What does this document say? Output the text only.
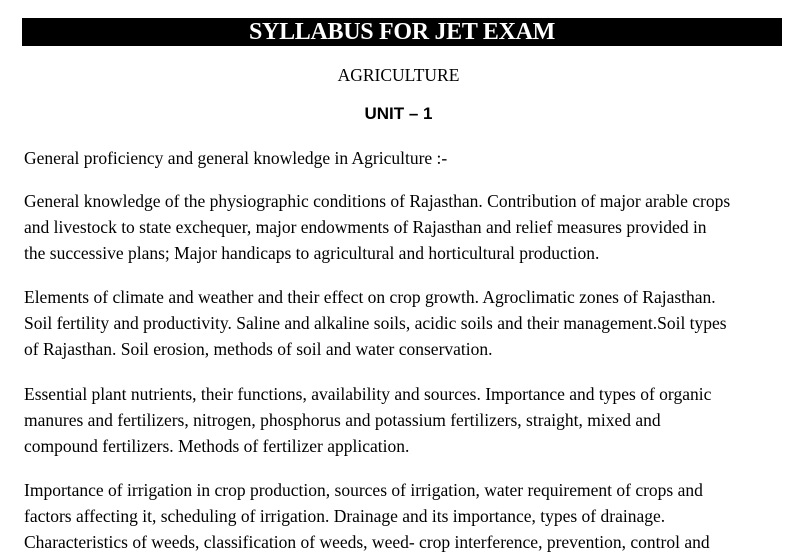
SYLLABUS FOR JET EXAM
AGRICULTURE
UNIT – 1
General proficiency and general knowledge in Agriculture :-
General knowledge of the physiographic conditions of Rajasthan. Contribution of major arable crops
and livestock to state exchequer, major endowments of Rajasthan and relief measures provided in
the successive plans; Major handicaps to agricultural and horticultural production.
Elements of climate and weather and their effect on crop growth. Agroclimatic zones of Rajasthan.
Soil fertility and productivity. Saline and alkaline soils, acidic soils and their management.Soil types
of Rajasthan. Soil erosion, methods of soil and water conservation.
Essential plant nutrients, their functions, availability and sources. Importance and types of organic
manures and fertilizers, nitrogen, phosphorus and potassium fertilizers, straight, mixed and
compound fertilizers. Methods of fertilizer application.
Importance of irrigation in crop production, sources of irrigation, water requirement of crops and
factors affecting it, scheduling of irrigation. Drainage and its importance, types of drainage.
Characteristics of weeds, classification of weeds, weed- crop interference, prevention, control and
